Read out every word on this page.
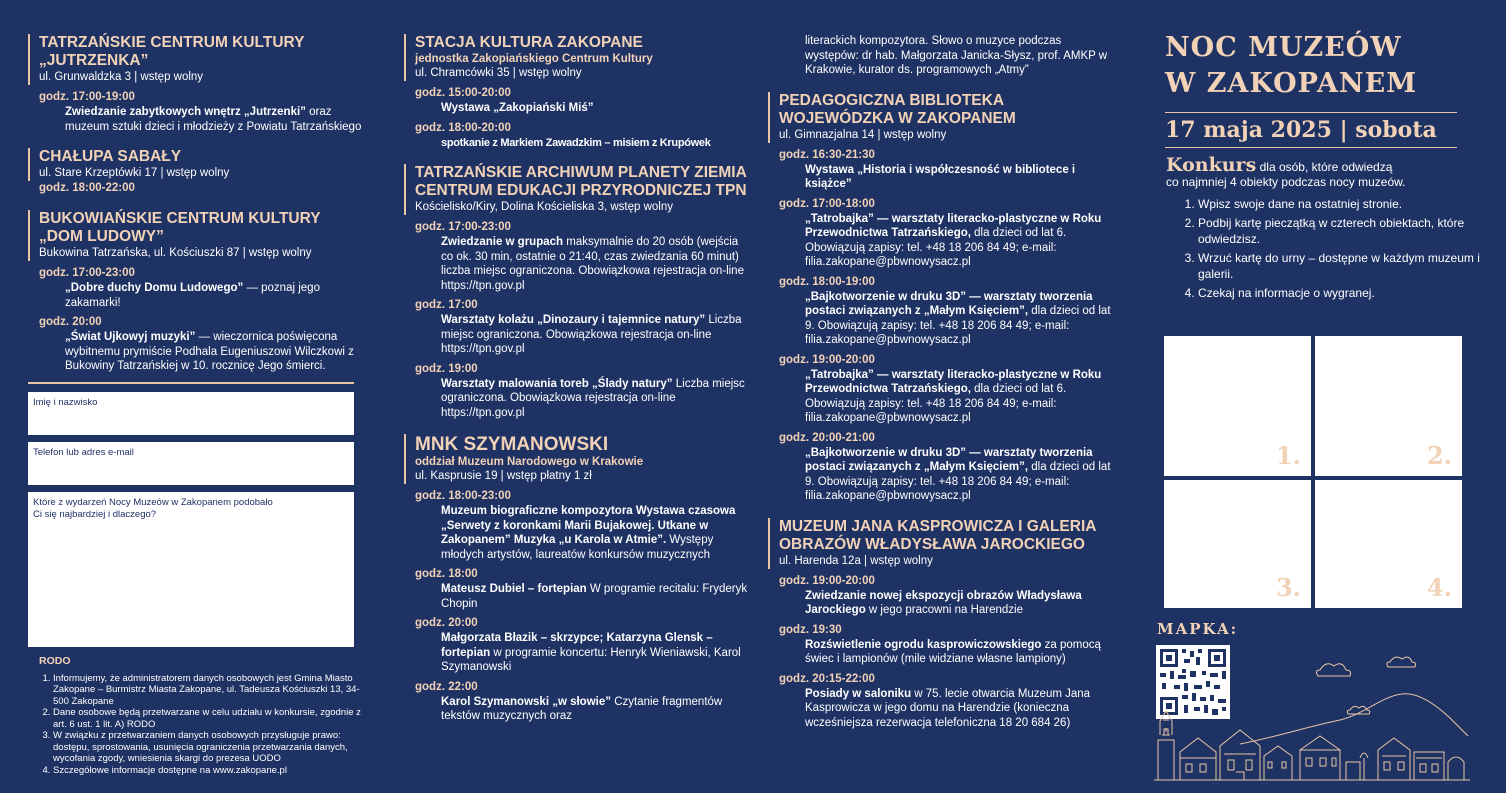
TATRZAŃSKIE CENTRUM KULTURY „JUTRZENKA”
ul. Grunwaldzka 3 | wstęp wolny
godz. 17:00-19:00
Zwiedzanie zabytkowych wnętrz „Jutrzenki” oraz muzeum sztuki dzieci i młodzieży z Powiatu Tatrzańskiego
CHAŁUPA SABAŁY
ul. Stare Krzeptówki 17 | wstęp wolny
godz. 18:00-22:00
BUKOWIAŃSKIE CENTRUM KULTURY „DOM LUDOWY”
Bukowina Tatrzańska, ul. Kościuszki 87 | wstęp wolny
godz. 17:00-23:00
„Dobre duchy Domu Ludowego” — poznaj jego zakamarki!
godz. 20:00
„Świat Ujkowyj muzyki” — wieczornica poświęcona wybitnemu prymiście Podhala Eugeniuszowi Wilczkowi z Bukowiny Tatrzańskiej w 10. rocznicę Jego śmierci.
Imię i nazwisko
Telefon lub adres e-mail
Które z wydarzeń Nocy Muzeów w Zakopanem podobało
Ci się najbardziej i dlaczego?
RODO
1. Informujemy, że administratorem danych osobowych jest Gmina Miasto Zakopane – Burmistrz Miasta Zakopane, ul. Tadeusza Kościuszki 13, 34-500 Zakopane
2. Dane osobowe będą przetwarzane w celu udziału w konkursie, zgodnie z art. 6 ust. 1 lit. A) RODO
3. W związku z przetwarzaniem danych osobowych przysługuje prawo: dostępu, sprostowania, usunięcia ograniczenia przetwarzania danych, wycofania zgody, wniesienia skargi do prezesa UODO
4. Szczegółowe informacje dostępne na www.zakopane.pl
STACJA KULTURA ZAKOPANE
jednostka Zakopiańskiego Centrum Kultury
ul. Chramcówki 35 | wstęp wolny
godz. 15:00-20:00
Wystawa „Zakopiański Miś”
godz. 18:00-20:00
spotkanie z Markiem Zawadzkim – misiem z Krupówek
TATRZAŃSKIE ARCHIWUM PLANETY ZIEMIA CENTRUM EDUKACJI PRZYRODNICZEJ TPN
Kościelisko/Kiry, Dolina Kościeliska 3, wstęp wolny
godz. 17:00-23:00
Zwiedzanie w grupach maksymalnie do 20 osób (wejścia co ok. 30 min, ostatnie o 21:40, czas zwiedzania 60 minut) liczba miejsc ograniczona. Obowiązkowa rejestracja on-line https://tpn.gov.pl
godz. 17:00
Warsztaty kolażu „Dinozaury i tajemnice natury” Liczba miejsc ograniczona. Obowiązkowa rejestracja on-line https://tpn.gov.pl
godz. 19:00
Warsztaty malowania toreb „Ślady natury” Liczba miejsc ograniczona. Obowiązkowa rejestracja on-line https://tpn.gov.pl
MNK SZYMANOWSKI
oddział Muzeum Narodowego w Krakowie
ul. Kasprusie 19 | wstęp płatny 1 zł
godz. 18:00-23:00
Muzeum biograficzne kompozytora Wystawa czasowa „Serwety z koronkami Marii Bujakowej. Utkane w Zakopanem” Muzyka „u Karola w Atmie”. Występy młodych artystów, laureatów konkursów muzycznych
godz. 18:00
Mateusz Dubiel – fortepian W programie recitalu: Fryderyk Chopin
godz. 20:00
Małgorzata Błazik – skrzypce; Katarzyna Glensk – fortepian w programie koncertu: Henryk Wieniawski, Karol Szymanowski
godz. 22:00
Karol Szymanowski „w słowie” Czytanie fragmentów tekstów muzycznych oraz
literackich kompozytora. Słowo o muzyce podczas występów: dr hab. Małgorzata Janicka-Słysz, prof. AMKP w Krakowie, kurator ds. programowych „Atmy”
PEDAGOGICZNA BIBLIOTEKA WOJEWÓDZKA W ZAKOPANEM
ul. Gimnazjalna 14 | wstęp wolny
godz. 16:30-21:30
Wystawa „Historia i współczesność w bibliotece i książce”
godz. 17:00-18:00
„Tatrobajka” — warsztaty literacko-plastyczne w Roku Przewodnictwa Tatrzańskiego, dla dzieci od lat 6. Obowiązują zapisy: tel. +48 18 206 84 49; e-mail: filia.zakopane@pbwnowysacz.pl
godz. 18:00-19:00
„Bajkotworzenie w druku 3D” — warsztaty tworzenia postaci związanych z „Małym Księciem”, dla dzieci od lat 9. Obowiązują zapisy: tel. +48 18 206 84 49; e-mail: filia.zakopane@pbwnowysacz.pl
godz. 19:00-20:00
„Tatrobajka” — warsztaty literacko-plastyczne w Roku Przewodnictwa Tatrzańskiego, dla dzieci od lat 6. Obowiązują zapisy: tel. +48 18 206 84 49; e-mail: filia.zakopane@pbwnowysacz.pl
godz. 20:00-21:00
„Bajkotworzenie w druku 3D” — warsztaty tworzenia postaci związanych z „Małym Księciem”, dla dzieci od lat 9. Obowiązują zapisy: tel. +48 18 206 84 49; e-mail: filia.zakopane@pbwnowysacz.pl
MUZEUM JANA KASPROWICZA I GALERIA OBRAZÓW WŁADYSŁAWA JAROCKIEGO
ul. Harenda 12a | wstęp wolny
godz. 19:00-20:00
Zwiedzanie nowej ekspozycji obrazów Władysława Jarockiego w jego pracowni na Harendzie
godz. 19:30
Rozświetlenie ogrodu kasprowiczowskiego za pomocą świec i lampionów (mile widziane własne lampiony)
godz. 20:15-22:00
Posiady w saloniku w 75. lecie otwarcia Muzeum Jana Kasprowicza w jego domu na Harendzie (konieczna wcześniejsza rezerwacja telefoniczna 18 20 684 26)
NOC MUZEÓW
W ZAKOPANEM
17 maja 2025 | sobota
Konkurs dla osób, które odwiedzą
co najmniej 4 obiekty podczas nocy muzeów.
1. Wpisz swoje dane na ostatniej stronie.
2. Podbij kartę pieczątką w czterech obiektach, które odwiedzisz.
3. Wrzuć kartę do urny – dostępne w każdym muzeum i galerii.
4. Czekaj na informacje o wygranej.
1.	2.
3.	4.
MAPKA:
